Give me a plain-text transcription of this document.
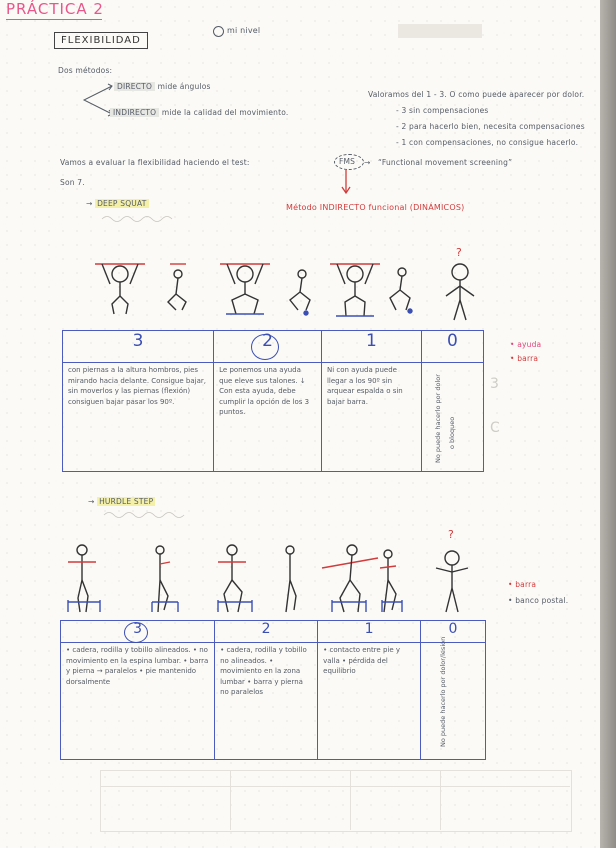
PRÁCTICA 2
FLEXIBILIDAD
mi nivel
Dos métodos:
DIRECTO mide ángulos
INDIRECTO mide la calidad del movimiento.
Valoramos del 1 - 3. O como puede aparecer por dolor.
- 3 sin compensaciones
- 2 para hacerlo bien, necesita compensaciones
- 1 con compensaciones, no consigue hacerlo.
Vamos a evaluar la flexibilidad haciendo el test:	FMS → “Functional movement screening”
Son 7.
Método INDIRECTO funcional (DINÁMICOS)
→ DEEP SQUAT
?
• ayuda
• barra
3	2	1	0

con piernas a la altura hombros, pies mirando hacia delante. Consigue bajar, sin moverlos y las piernas (flexión) consiguen bajar pasar los 90º.	Le ponemos una ayuda que eleve sus talones. ↓ Con esta ayuda, debe cumplir la opción de los 3 puntos.	Ni con ayuda puede llegar a los 90º sin arquear espalda o sin bajar barra.	No puede hacerlo por dolor o bloqueo
3
C
→ HURDLE STEP
?
• barra
• banco postal.
3	2	1	0

• cadera, rodilla y tobillo alineados. • no movimiento en la espina lumbar. • barra y pierna → paralelos • pie mantenido dorsalmente	• cadera, rodilla y tobillo no alineados. • movimiento en la zona lumbar • barra y pierna no paralelos	• contacto entre pie y valla • pérdida del equilibrio	No puede hacerlo por dolor/lesión
